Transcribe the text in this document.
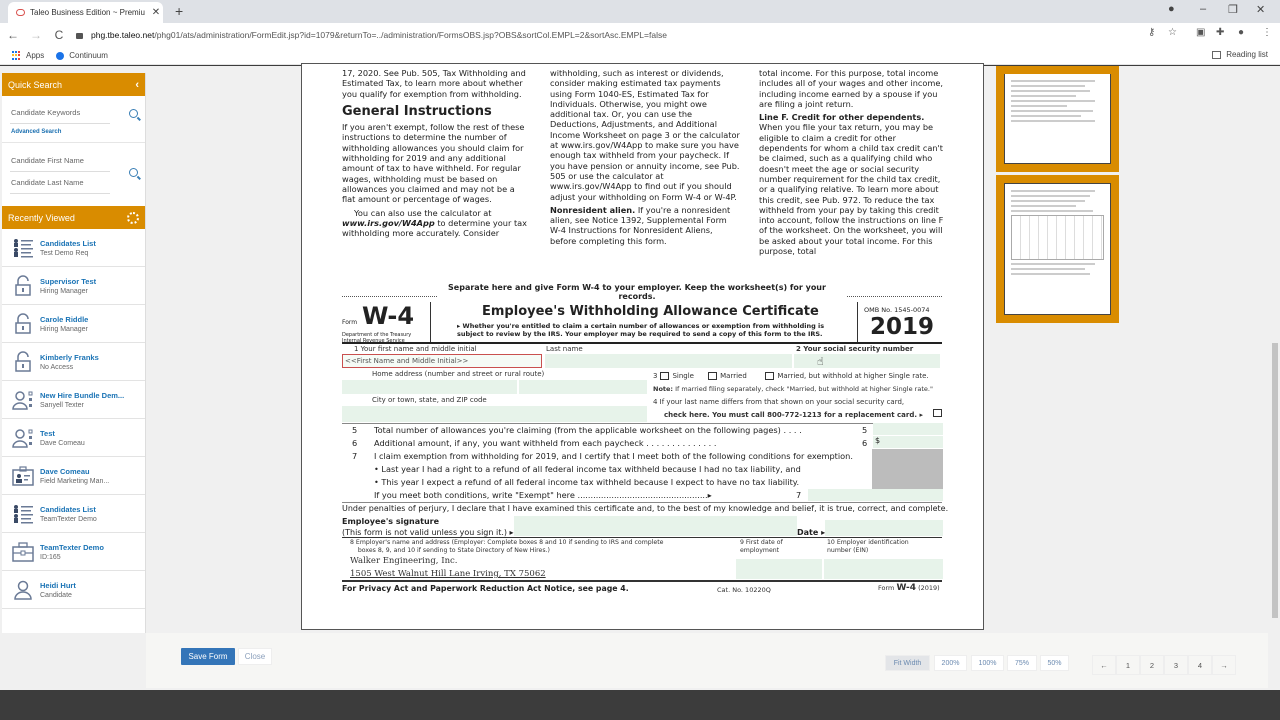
Taleo Business Edition ~ Premiu ✕ +	● – ❐ ✕
← →	C	phg.tbe.taleo.net /phg01/ats/administration/FormEdit.jsp?id=1079&returnTo=../administration/FormsOBS.jsp?OBS&sortCol.EMPL=2&sortAsc.EMPL=false	⚷ ☆ ▣ ✚ ● ⋮
Apps	Continuum	Reading list
Quick Search	‹
Candidate Keywords
Advanced Search
Candidate First Name
Candidate Last Name
Recently Viewed
Candidates List
Test Demo Req
Supervisor Test
Hiring Manager
Carole Riddle
Hiring Manager
Kimberly Franks
No Access
New Hire Bundle Dem...
Sanyell Texter
Test
Dave Comeau
Dave Comeau
Field Marketing Man...
Candidates List
TeamTexter Demo
TeamTexter Demo
ID:165
Heidi Hurt
Candidate

17, 2020. See Pub. 505, Tax Withholding and Estimated Tax, to learn more about whether you qualify for exemption from withholding.

General Instructions

If you aren't exempt, follow the rest of these instructions to determine the number of withholding allowances you should claim for withholding for 2019 and any additional amount of tax to have withheld. For regular wages, withholding must be based on allowances you claimed and may not be a flat amount or percentage of wages.

You can also use the calculator at www.irs.gov/W4App to determine your tax withholding more accurately. Consider

withholding, such as interest or dividends, consider making estimated tax payments using Form 1040-ES, Estimated Tax for Individuals. Otherwise, you might owe additional tax. Or, you can use the Deductions, Adjustments, and Additional Income Worksheet on page 3 or the calculator at www.irs.gov/W4App to make sure you have enough tax withheld from your paycheck. If you have pension or annuity income, see Pub. 505 or use the calculator at www.irs.gov/W4App to find out if you should adjust your withholding on Form W-4 or W-4P.

Nonresident alien. If you're a nonresident alien, see Notice 1392, Supplemental Form W-4 Instructions for Nonresident Aliens, before completing this form.

total income. For this purpose, total income includes all of your wages and other income, including income earned by a spouse if you are filing a joint return.

Line F. Credit for other dependents. When you file your tax return, you may be eligible to claim a credit for other dependents for whom a child tax credit can't be claimed, such as a qualifying child who doesn't meet the age or social security number requirement for the child tax credit, or a qualifying relative. To learn more about this credit, see Pub. 972. To reduce the tax withheld from your pay by taking this credit into account, follow the instructions on line F of the worksheet. On the worksheet, you will be asked about your total income. For this purpose, total

Separate here and give Form W-4 to your employer. Keep the worksheet(s) for your records.
Form W-4
Department of the Treasury
Internal Revenue Service
Employee's Withholding Allowance Certificate
▸ Whether you're entitled to claim a certain number of allowances or exemption from withholding is
subject to review by the IRS. Your employer may be required to send a copy of this form to the IRS.
OMB No. 1545-0074
2019
1 Your first name and middle initial	Last name	2 Your social security number
<<First Name and Middle Initial>>	☝
Home address (number and street or rural route)	3 Single	Married	Married, but withhold at higher Single rate.
Note: If married filing separately, check "Married, but withhold at higher Single rate."
City or town, state, and ZIP code	4 If your last name differs from that shown on your social security card,
check here. You must call 800-772-1213 for a replacement card. ▸
5 Total number of allowances you're claiming (from the applicable worksheet on the following pages) . . . .	5
6 Additional amount, if any, you want withheld from each paycheck . . . . . . . . . . . . . .	6 $
7 I claim exemption from withholding for 2019, and I certify that I meet both of the following conditions for exemption.
• Last year I had a right to a refund of all federal income tax withheld because I had no tax liability, and
• This year I expect a refund of all federal income tax withheld because I expect to have no tax liability.
If you meet both conditions, write "Exempt" here ..................................................▸	7
Under penalties of perjury, I declare that I have examined this certificate and, to the best of my knowledge and belief, it is true, correct, and complete.
Employee's signature
(This form is not valid unless you sign it.) ▸	Date ▸
8 Employer's name and address (Employer: Complete boxes 8 and 10 if sending to IRS and complete
boxes 8, 9, and 10 if sending to State Directory of New Hires.)
Walker Engineering, Inc.
1505 West Walnut Hill Lane Irving, TX 75062
9 First date of employment
10 Employer identification number (EIN)
For Privacy Act and Paperwork Reduction Act Notice, see page 4.	Cat. No. 10220Q	Form W-4 (2019)
Save Form	Close
Fit Width	200%	100%	75%	50%	←	1	2	3	4	→
